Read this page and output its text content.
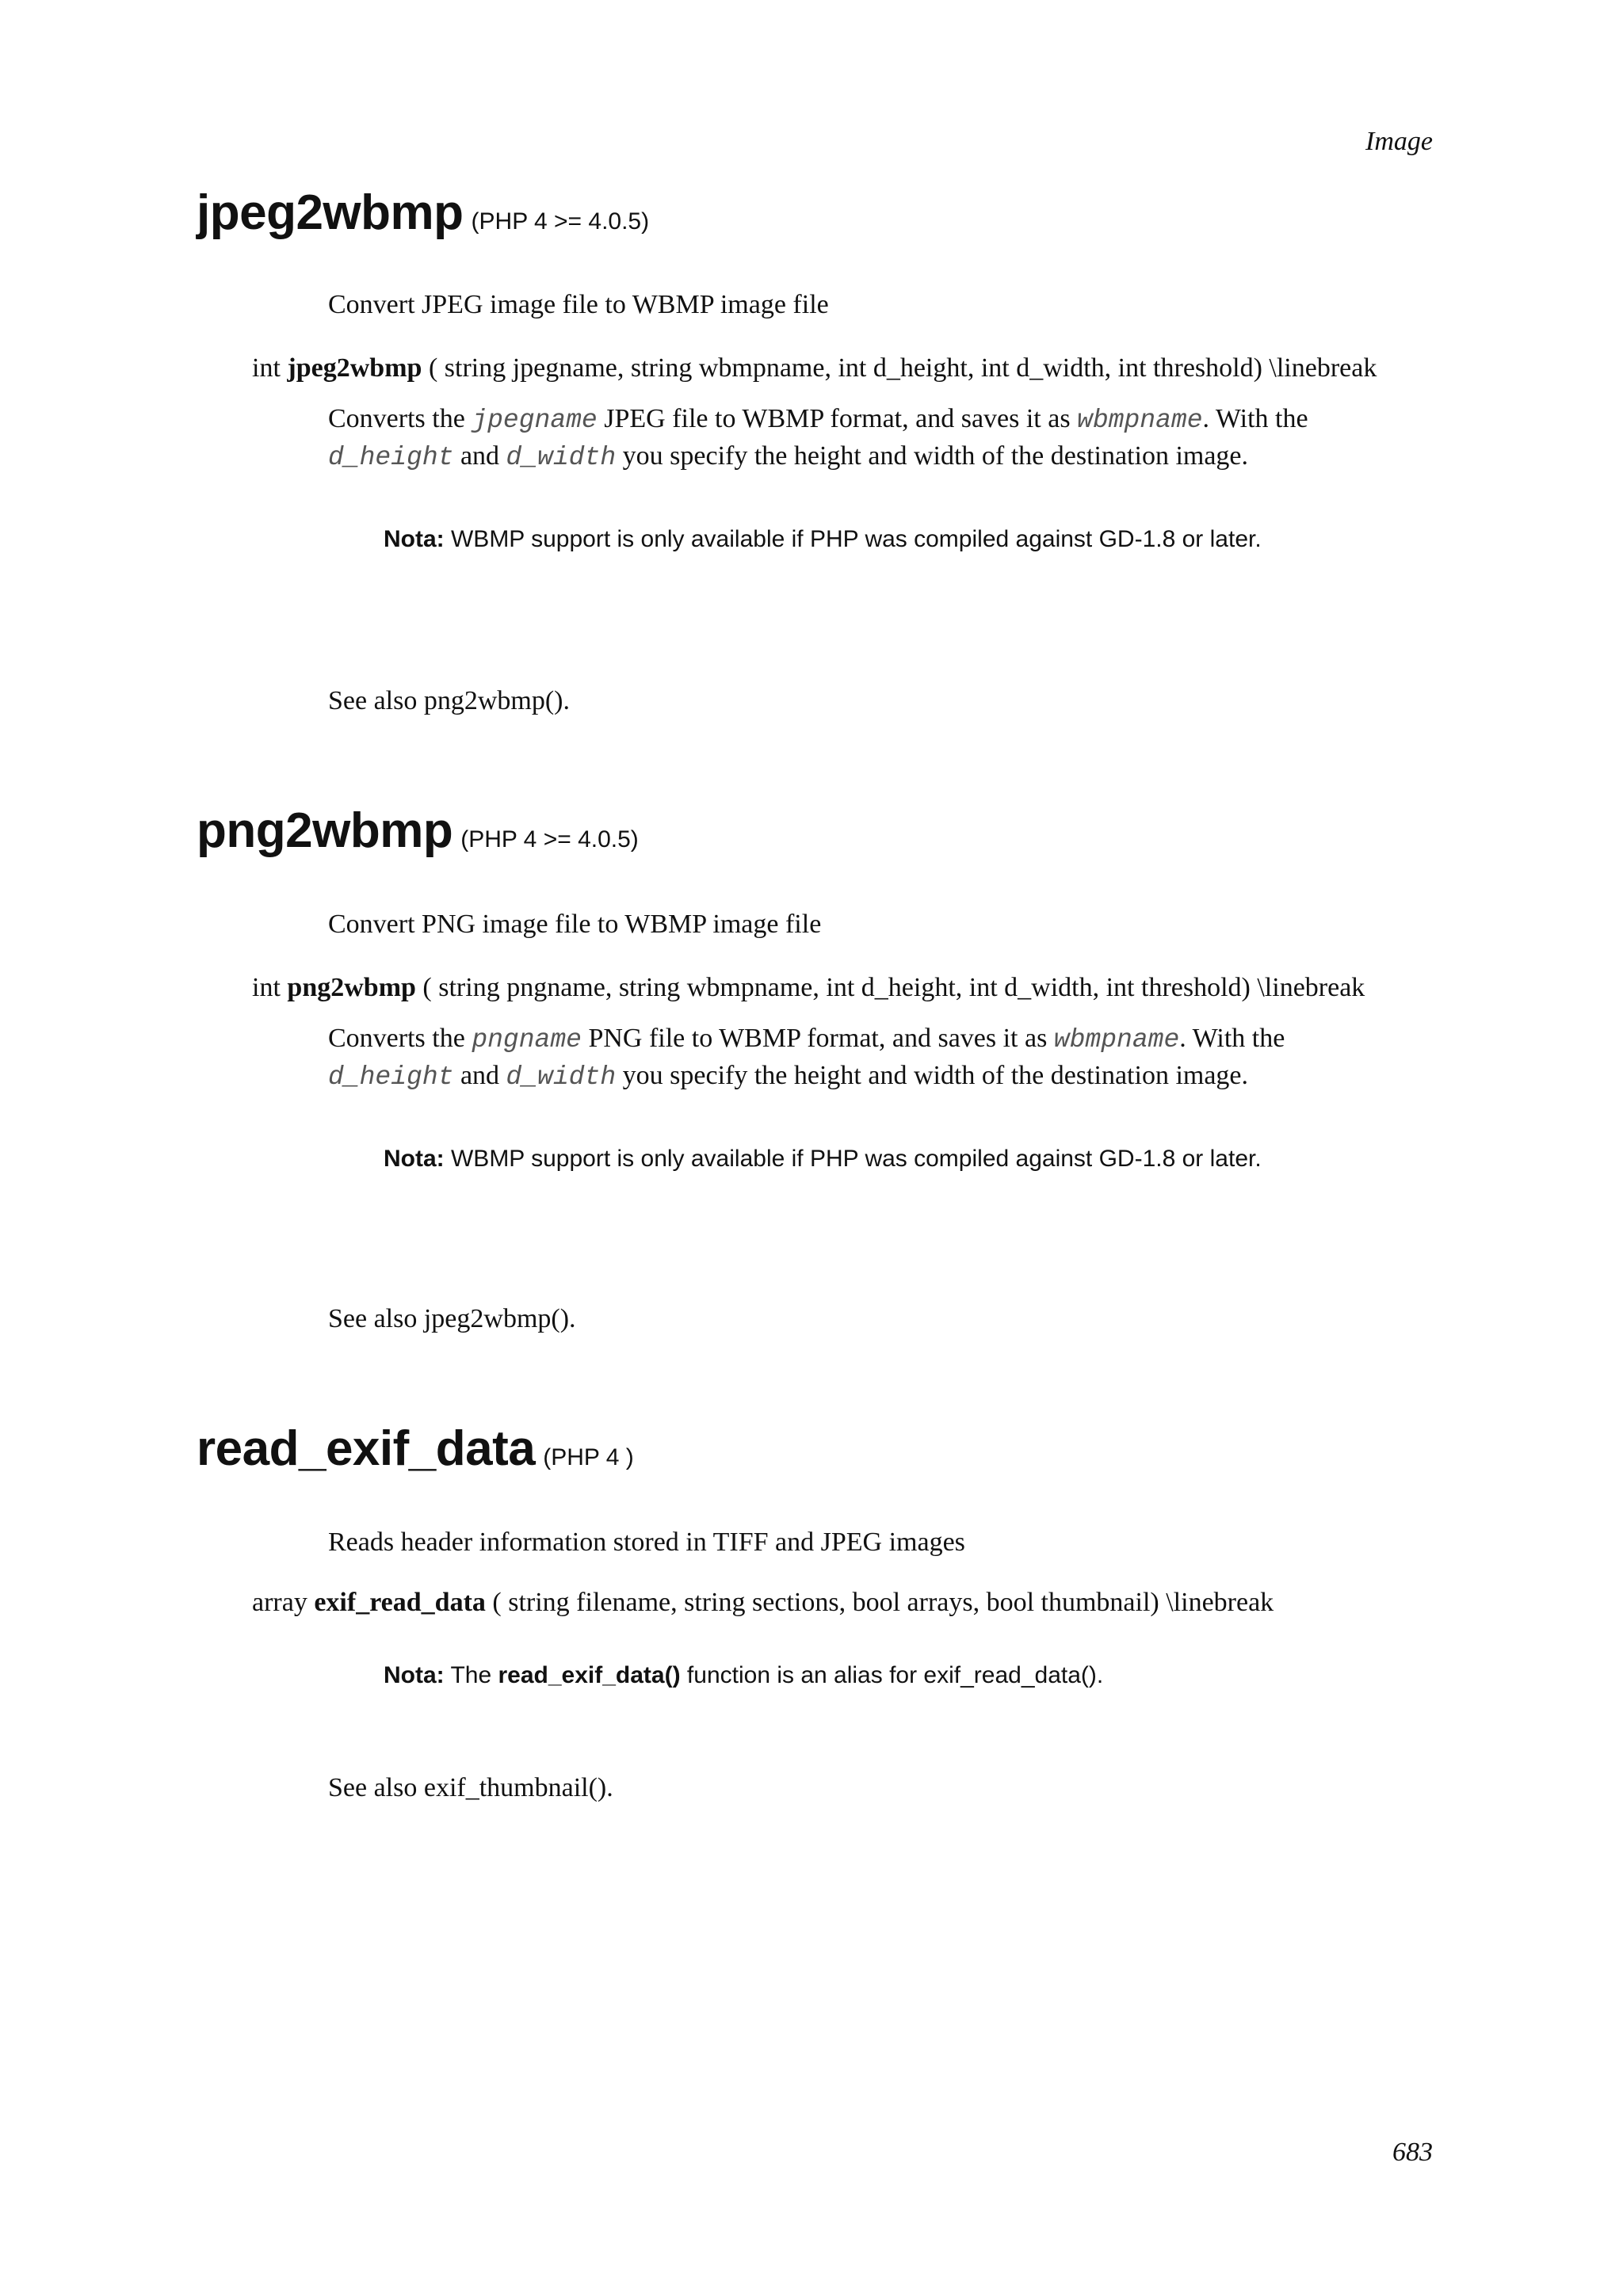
Image
683
jpeg2wbmp (PHP 4 >= 4.0.5)
Convert JPEG image file to WBMP image file
int jpeg2wbmp ( string jpegname, string wbmpname, int d_height, int d_width, int threshold) \linebreak
Converts the jpegname JPEG file to WBMP format, and saves it as wbmpname. With the
d_height and d_width you specify the height and width of the destination image.
Nota: WBMP support is only available if PHP was compiled against GD-1.8 or later.
See also png2wbmp().
png2wbmp (PHP 4 >= 4.0.5)
Convert PNG image file to WBMP image file
int png2wbmp ( string pngname, string wbmpname, int d_height, int d_width, int threshold) \linebreak
Converts the pngname PNG file to WBMP format, and saves it as wbmpname. With the
d_height and d_width you specify the height and width of the destination image.
Nota: WBMP support is only available if PHP was compiled against GD-1.8 or later.
See also jpeg2wbmp().
read_exif_data (PHP 4 )
Reads header information stored in TIFF and JPEG images
array exif_read_data ( string filename, string sections, bool arrays, bool thumbnail) \linebreak
Nota: The read_exif_data() function is an alias for exif_read_data().
See also exif_thumbnail().
